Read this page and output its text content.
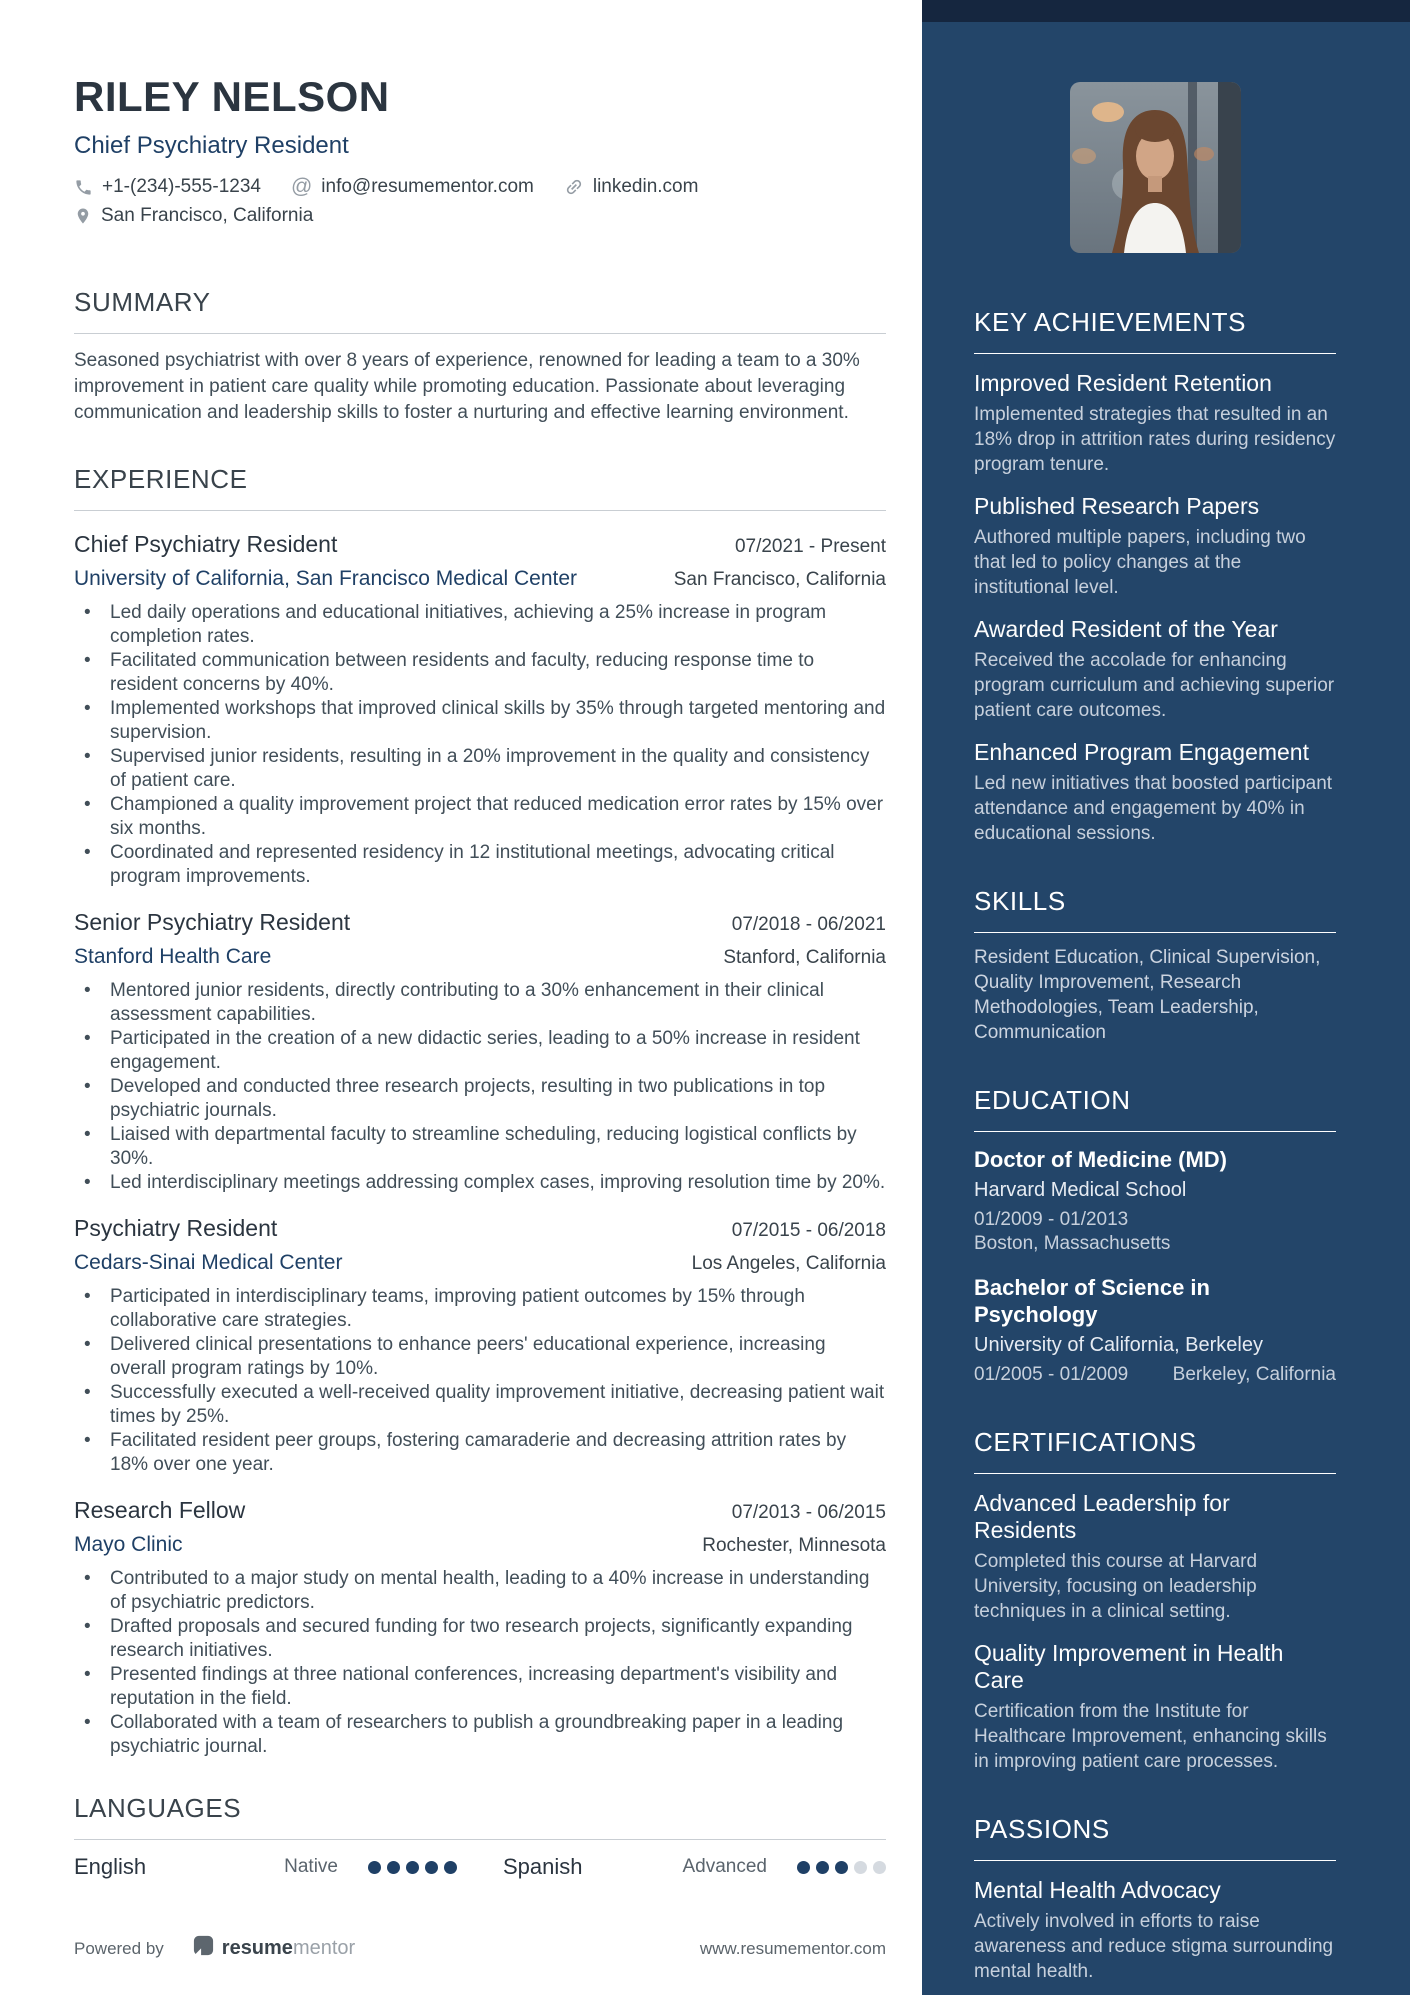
RILEY NELSON
Chief Psychiatry Resident
+1-(234)-555-1234 @ info@resumementor.com	linkedin.com
San Francisco, California
SUMMARY
Seasoned psychiatrist with over 8 years of experience, renowned for leading a team to a 30% improvement in patient care quality while promoting education. Passionate about leveraging communication and leadership skills to foster a nurturing and effective learning environment.
EXPERIENCE
Chief Psychiatry Resident	07/2021 - Present
University of California, San Francisco Medical Center	San Francisco, California
• Led daily operations and educational initiatives, achieving a 25% increase in program completion rates.
• Facilitated communication between residents and faculty, reducing response time to resident concerns by 40%.
• Implemented workshops that improved clinical skills by 35% through targeted mentoring and supervision.
• Supervised junior residents, resulting in a 20% improvement in the quality and consistency of patient care.
• Championed a quality improvement project that reduced medication error rates by 15% over six months.
• Coordinated and represented residency in 12 institutional meetings, advocating critical program improvements.
Senior Psychiatry Resident	07/2018 - 06/2021
Stanford Health Care	Stanford, California
• Mentored junior residents, directly contributing to a 30% enhancement in their clinical assessment capabilities.
• Participated in the creation of a new didactic series, leading to a 50% increase in resident engagement.
• Developed and conducted three research projects, resulting in two publications in top psychiatric journals.
• Liaised with departmental faculty to streamline scheduling, reducing logistical conflicts by 30%.
• Led interdisciplinary meetings addressing complex cases, improving resolution time by 20%.
Psychiatry Resident	07/2015 - 06/2018
Cedars-Sinai Medical Center	Los Angeles, California
• Participated in interdisciplinary teams, improving patient outcomes by 15% through collaborative care strategies.
• Delivered clinical presentations to enhance peers' educational experience, increasing overall program ratings by 10%.
• Successfully executed a well-received quality improvement initiative, decreasing patient wait times by 25%.
• Facilitated resident peer groups, fostering camaraderie and decreasing attrition rates by 18% over one year.
Research Fellow	07/2013 - 06/2015
Mayo Clinic	Rochester, Minnesota
• Contributed to a major study on mental health, leading to a 40% increase in understanding of psychiatric predictors.
• Drafted proposals and secured funding for two research projects, significantly expanding research initiatives.
• Presented findings at three national conferences, increasing department's visibility and reputation in the field.
• Collaborated with a team of researchers to publish a groundbreaking paper in a leading psychiatric journal.
LANGUAGES
English	Native	Spanish	Advanced
Powered by	resumementor	www.resumementor.com
KEY ACHIEVEMENTS
Improved Resident Retention
Implemented strategies that resulted in an 18% drop in attrition rates during residency program tenure.
Published Research Papers
Authored multiple papers, including two that led to policy changes at the institutional level.
Awarded Resident of the Year
Received the accolade for enhancing program curriculum and achieving superior patient care outcomes.
Enhanced Program Engagement
Led new initiatives that boosted participant attendance and engagement by 40% in educational sessions.
SKILLS
Resident Education, Clinical Supervision, Quality Improvement, Research Methodologies, Team Leadership, Communication
EDUCATION
Doctor of Medicine (MD)
Harvard Medical School
01/2009 - 01/2013
Boston, Massachusetts
Bachelor of Science in Psychology
University of California, Berkeley
01/2005 - 01/2009 Berkeley, California
CERTIFICATIONS
Advanced Leadership for Residents
Completed this course at Harvard University, focusing on leadership techniques in a clinical setting.
Quality Improvement in Health Care
Certification from the Institute for Healthcare Improvement, enhancing skills in improving patient care processes.
PASSIONS
Mental Health Advocacy
Actively involved in efforts to raise awareness and reduce stigma surrounding mental health.
